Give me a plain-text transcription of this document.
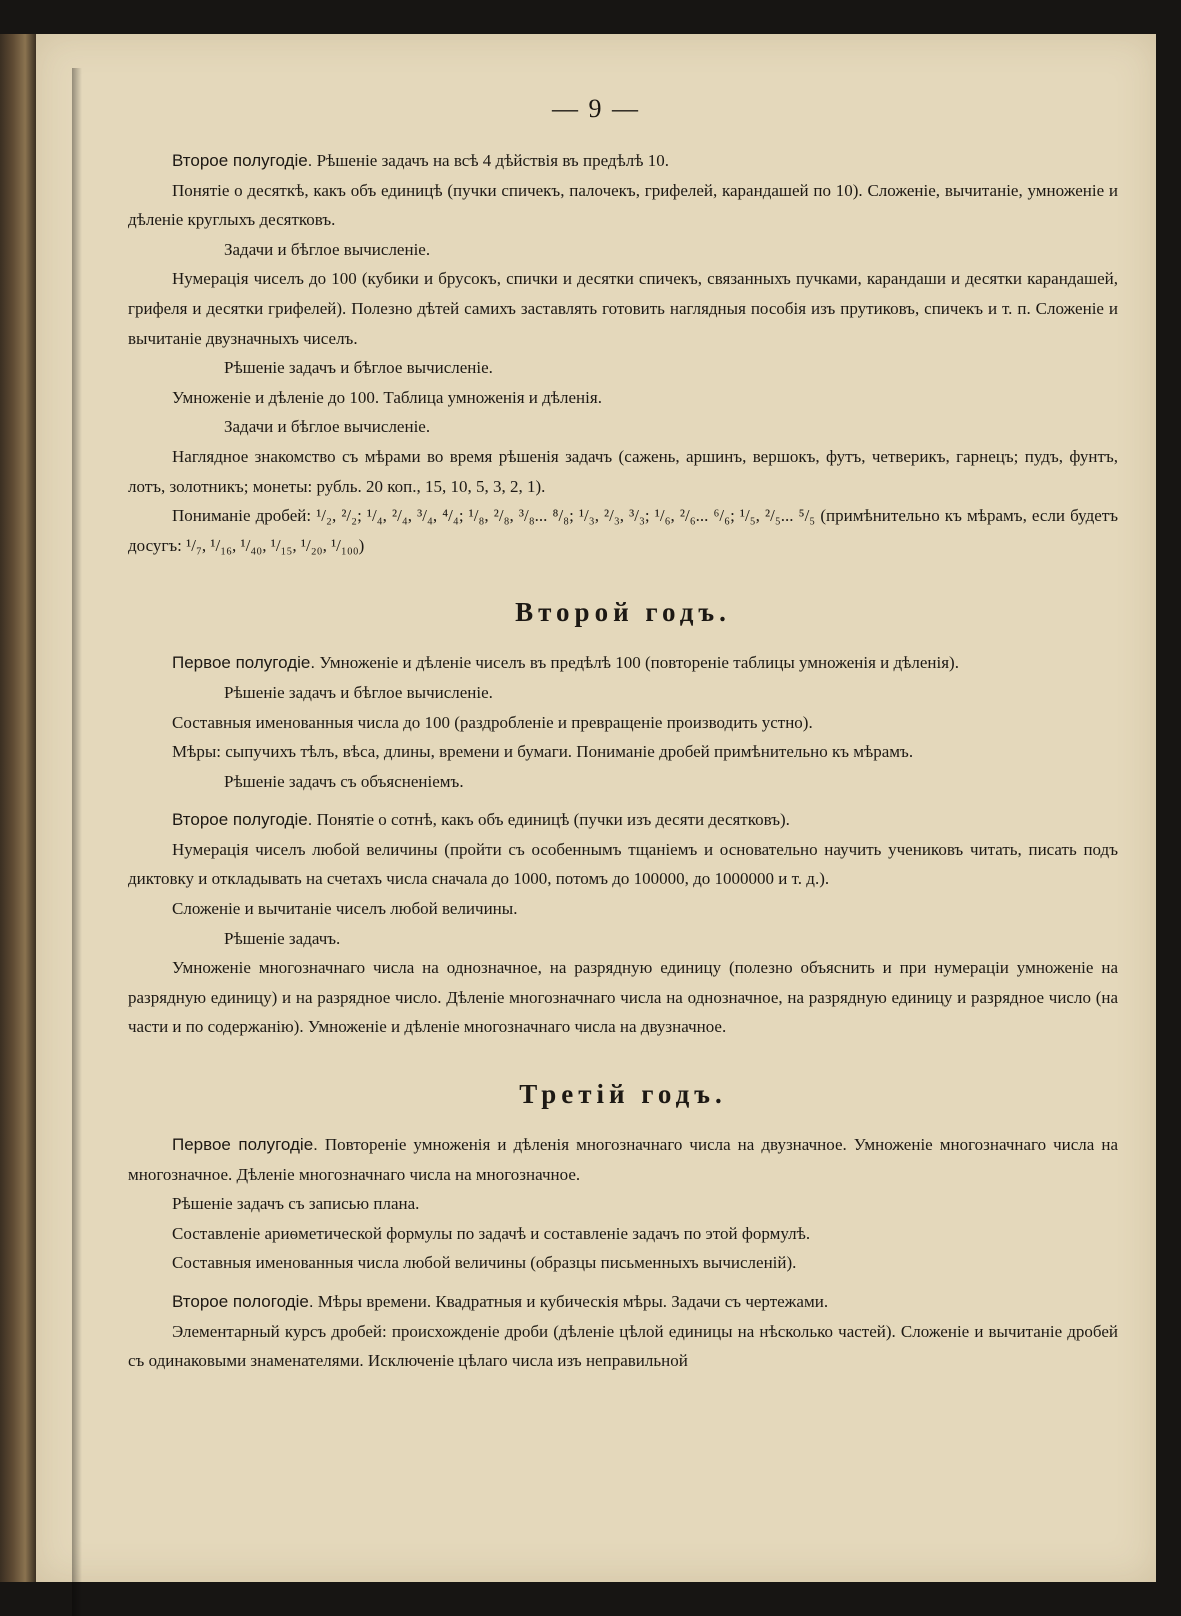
— 9 —

Второе полугодіе. Рѣшеніе задачъ на всѣ 4 дѣйствія въ предѣлѣ 10.

Понятіе о десяткѣ, какъ объ единицѣ (пучки спичекъ, палочекъ, грифелей, карандашей по 10). Сложеніе, вычитаніе, умноженіе и дѣленіе круглыхъ десятковъ.

Задачи и бѣглое вычисленіе.

Нумерація чиселъ до 100 (кубики и брусокъ, спички и десятки спичекъ, связанныхъ пучками, карандаши и десятки карандашей, грифеля и десятки грифелей). Полезно дѣтей самихъ заставлять готовить наглядныя пособія изъ прутиковъ, спичекъ и т. п. Сложеніе и вычитаніе двузначныхъ чиселъ.

Рѣшеніе задачъ и бѣглое вычисленіе.

Умноженіе и дѣленіе до 100. Таблица умноженія и дѣленія.

Задачи и бѣглое вычисленіе.

Наглядное знакомство съ мѣрами во время рѣшенія задачъ (сажень, аршинъ, вершокъ, футъ, четверикъ, гарнецъ; пудъ, фунтъ, лотъ, золотникъ; монеты: рубль. 20 коп., 15, 10, 5, 3, 2, 1).

Пониманіе дробей: ¹/₂, ²/₂; ¹/₄, ²/₄, ³/₄, ⁴/₄; ¹/₈, ²/₈, ³/₈... ⁸/₈; ¹/₃, ²/₃, ³/₃; ¹/₆, ²/₆... ⁶/₆; ¹/₅, ²/₅... ⁵/₅ (примѣнительно къ мѣрамъ, если будетъ досугъ: ¹/₇, ¹/₁₆, ¹/₄₀, ¹/₁₅, ¹/₂₀, ¹/₁₀₀)

Второй годъ.

Первое полугодіе. Умноженіе и дѣленіе чиселъ въ предѣлѣ 100 (повтореніе таблицы умноженія и дѣленія).

Рѣшеніе задачъ и бѣглое вычисленіе.

Составныя именованныя числа до 100 (раздробленіе и превращеніе производить устно).

Мѣры: сыпучихъ тѣлъ, вѣса, длины, времени и бумаги. Пониманіе дробей примѣнительно къ мѣрамъ.

Рѣшеніе задачъ съ объясненіемъ.

Второе полугодіе. Понятіе о сотнѣ, какъ объ единицѣ (пучки изъ десяти десятковъ).

Нумерація чиселъ любой величины (пройти съ особеннымъ тщаніемъ и основательно научить учениковъ читать, писать подъ диктовку и откладывать на счетахъ числа сначала до 1000, потомъ до 100000, до 1000000 и т. д.).

Сложеніе и вычитаніе чиселъ любой величины.

Рѣшеніе задачъ.

Умноженіе многозначнаго числа на однозначное, на разрядную единицу (полезно объяснить и при нумераціи умноженіе на разрядную единицу) и на разрядное число. Дѣленіе многозначнаго числа на однозначное, на разрядную единицу и разрядное число (на части и по содержанію). Умноженіе и дѣленіе многозначнаго числа на двузначное.

Третій годъ.

Первое полугодіе. Повтореніе умноженія и дѣленія многозначнаго числа на двузначное. Умноженіе многозначнаго числа на многозначное. Дѣленіе многозначнаго числа на многозначное.

Рѣшеніе задачъ съ записью плана.

Составленіе ариѳметической формулы по задачѣ и составленіе задачъ по этой формулѣ.

Составныя именованныя числа любой величины (образцы письменныхъ вычисленій).

Второе пологодіе. Мѣры времени. Квадратныя и кубическія мѣры. Задачи съ чертежами.

Элементарный курсъ дробей: происхожденіе дроби (дѣленіе цѣлой единицы на нѣсколько частей). Сложеніе и вычитаніе дробей съ одинаковыми знаменателями. Исключеніе цѣлаго числа изъ неправильной
